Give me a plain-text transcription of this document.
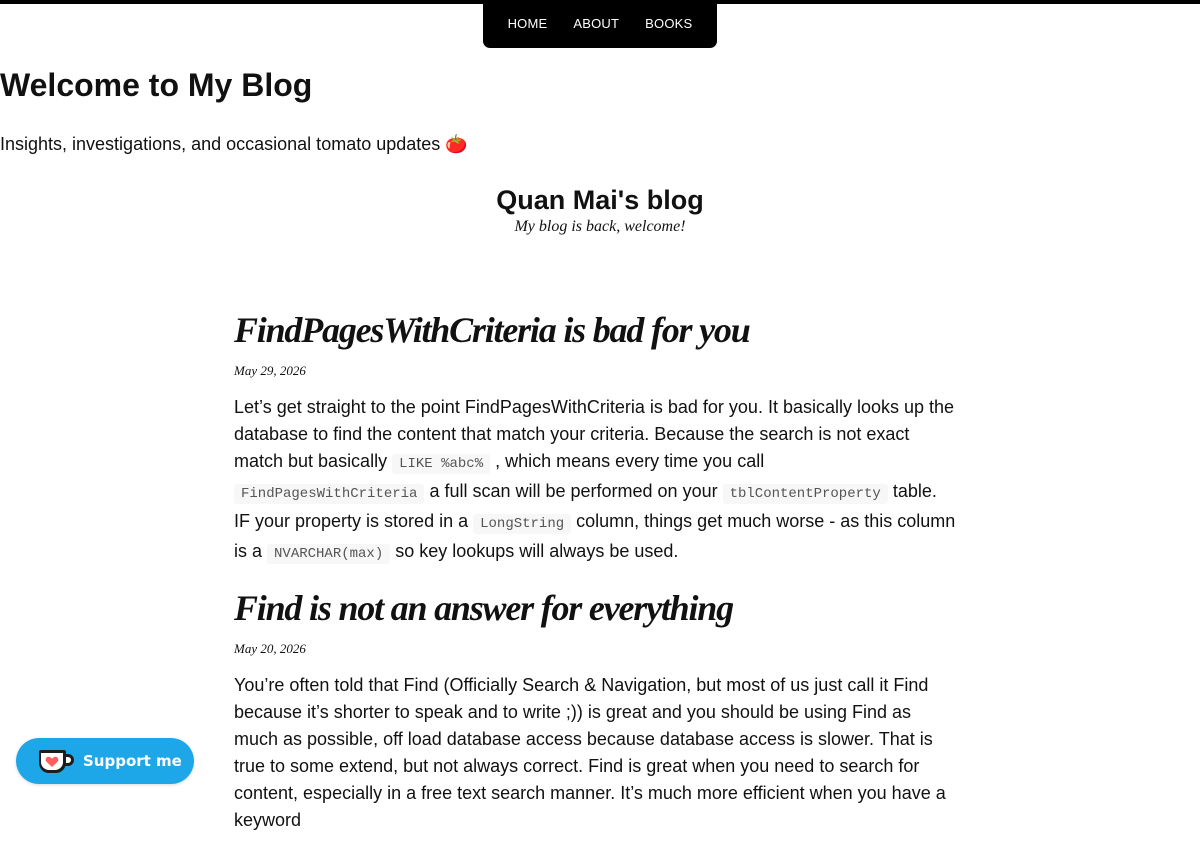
HOME	ABOUT	BOOKS
Welcome to My Blog

Insights, investigations, and occasional tomato updates 🍅

Quan Mai's blog

My blog is back, welcome!

FindPagesWithCriteria is bad for you

May 29, 2026

Let’s get straight to the point FindPagesWithCriteria is bad for you. It basically looks up the database to find the content that match your criteria. Because the search is not exact match but basically LIKE %abc% , which means every time you call FindPagesWithCriteria a full scan will be performed on your tblContentProperty table. IF your property is stored in a LongString column, things get much worse - as this column is a NVARCHAR(max) so key lookups will always be used.

Find is not an answer for everything

May 20, 2026

You’re often told that Find (Officially Search & Navigation, but most of us just call it Find because it’s shorter to speak and to write ;)) is great and you should be using Find as much as possible, off load database access because database access is slower. That is true to some extend, but not always correct. Find is great when you need to search for content, especially in a free text search manner. It’s much more efficient when you have a keyword

Support me
